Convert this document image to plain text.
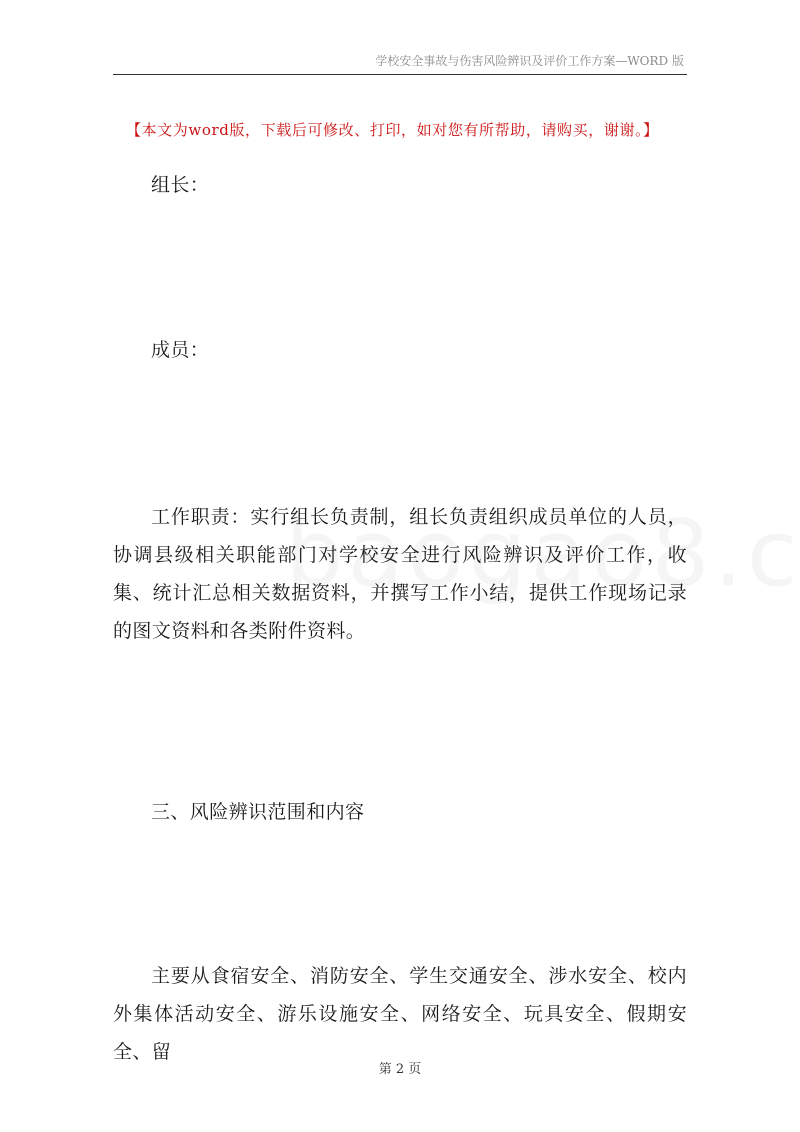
学校安全事故与伤害风险辨识及评价工作方案—WORD 版
【本文为word版，下载后可修改、打印，如对您有所帮助，请购买，谢谢。】
组长：
成员：
工作职责：实行组长负责制，组长负责组织成员单位的人员，协调县级相关职能部门对学校安全进行风险辨识及评价工作，收集、统计汇总相关数据资料，并撰写工作小结，提供工作现场记录的图文资料和各类附件资料。
三、风险辨识范围和内容
主要从食宿安全、消防安全、学生交通安全、涉水安全、校内外集体活动安全、游乐设施安全、网络安全、玩具安全、假期安全、留
第 2 页
